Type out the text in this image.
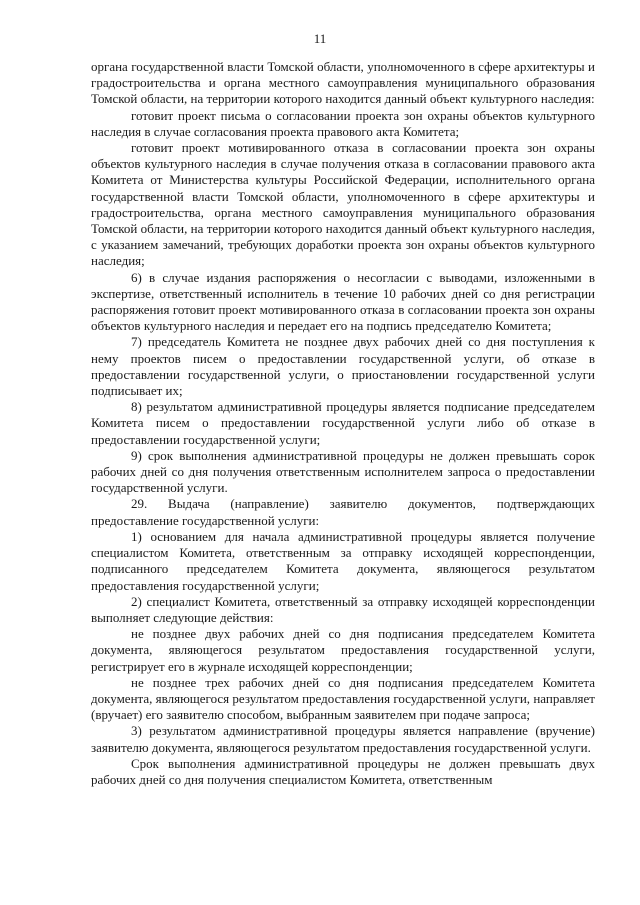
11

органа государственной власти Томской области, уполномоченного в сфере архитектуры и градостроительства и органа местного самоуправления муниципального образования Томской области, на территории которого находится данный объект культурного наследия:

готовит проект письма о согласовании проекта зон охраны объектов культурного наследия в случае согласования проекта правового акта Комитета;

готовит проект мотивированного отказа в согласовании проекта зон охраны объектов культурного наследия в случае получения отказа в согласовании правового акта Комитета от Министерства культуры Российской Федерации, исполнительного органа государственной власти Томской области, уполномоченного в сфере архитектуры и градостроительства, органа местного самоуправления муниципального образования Томской области, на территории которого находится данный объект культурного наследия, с указанием замечаний, требующих доработки проекта зон охраны объектов культурного наследия;

6) в случае издания распоряжения о несогласии с выводами, изложенными в экспертизе, ответственный исполнитель в течение 10 рабочих дней со дня регистрации распоряжения готовит проект мотивированного отказа в согласовании проекта зон охраны объектов культурного наследия и передает его на подпись председателю Комитета;

7) председатель Комитета не позднее двух рабочих дней со дня поступления к нему проектов писем о предоставлении государственной услуги, об отказе в предоставлении государственной услуги, о приостановлении государственной услуги подписывает их;

8) результатом административной процедуры является подписание председателем Комитета писем о предоставлении государственной услуги либо об отказе в предоставлении государственной услуги;

9) срок выполнения административной процедуры не должен превышать сорок рабочих дней со дня получения ответственным исполнителем запроса о предоставлении государственной услуги.

29. Выдача (направление) заявителю документов, подтверждающих предоставление государственной услуги:

1) основанием для начала административной процедуры является получение специалистом Комитета, ответственным за отправку исходящей корреспонденции, подписанного председателем Комитета документа, являющегося результатом предоставления государственной услуги;

2) специалист Комитета, ответственный за отправку исходящей корреспонденции выполняет следующие действия:

не позднее двух рабочих дней со дня подписания председателем Комитета документа, являющегося результатом предоставления государственной услуги, регистрирует его в журнале исходящей корреспонденции;

не позднее трех рабочих дней со дня подписания председателем Комитета документа, являющегося результатом предоставления государственной услуги, направляет (вручает) его заявителю способом, выбранным заявителем при подаче запроса;

3) результатом административной процедуры является направление (вручение) заявителю документа, являющегося результатом предоставления государственной услуги.

Срок выполнения административной процедуры не должен превышать двух рабочих дней со дня получения специалистом Комитета, ответственным
